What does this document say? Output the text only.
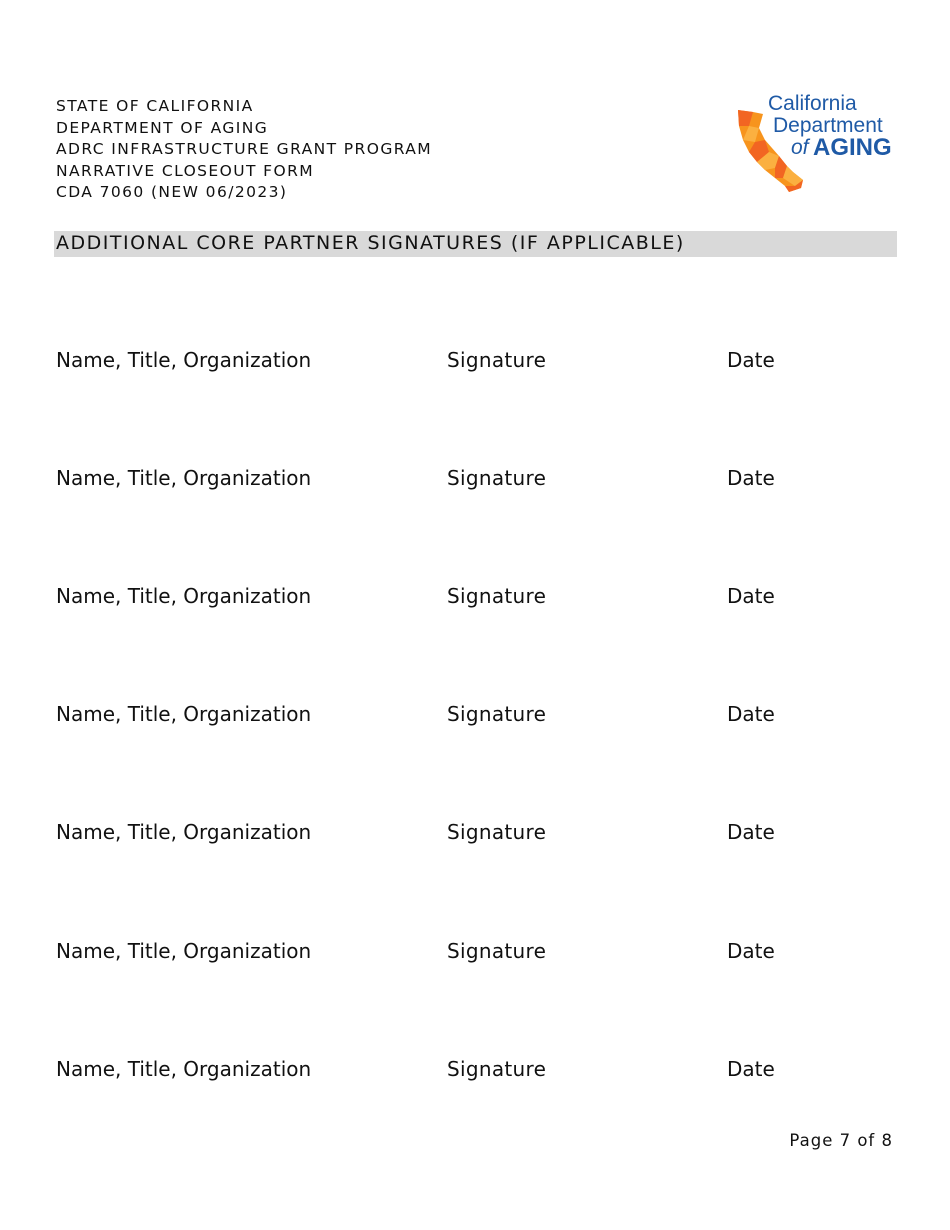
STATE OF CALIFORNIA
DEPARTMENT OF AGING
ADRC INFRASTRUCTURE GRANT PROGRAM
NARRATIVE CLOSEOUT FORM
CDA 7060 (NEW 06/2023)
California
Department
of AGING
ADDITIONAL CORE PARTNER SIGNATURES (IF APPLICABLE)
Name, Title, Organization	Signature	Date
Name, Title, Organization	Signature	Date
Name, Title, Organization	Signature	Date
Name, Title, Organization	Signature	Date
Name, Title, Organization	Signature	Date
Name, Title, Organization	Signature	Date
Name, Title, Organization	Signature	Date
Page 7 of 8
